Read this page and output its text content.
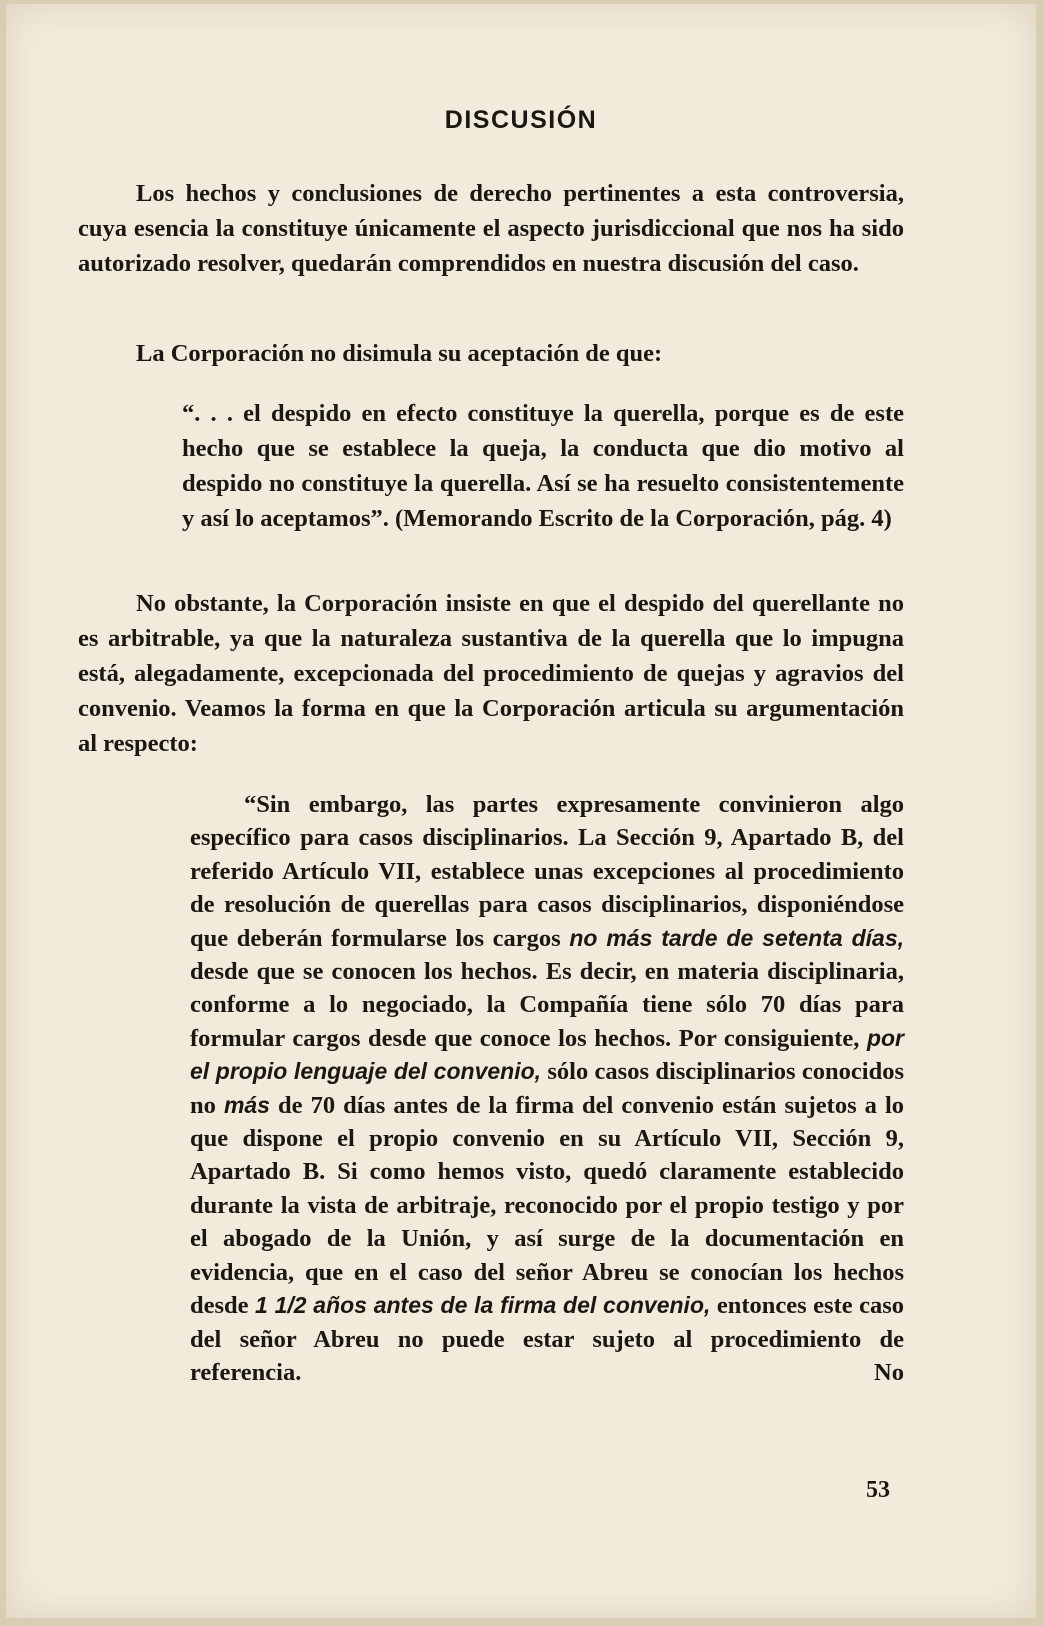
DISCUSIÓN

Los hechos y conclusiones de derecho pertinentes a esta controversia, cuya esencia la constituye únicamente el aspecto jurisdiccional que nos ha sido autorizado resolver, quedarán comprendidos en nuestra discusión del caso.

La Corporación no disimula su aceptación de que:

“. . . el despido en efecto constituye la querella, porque es de este hecho que se establece la queja, la conducta que dio motivo al despido no constituye la querella. Así se ha resuelto consistentemente y así lo aceptamos”. (Memorando Escrito de la Corporación, pág. 4)

No obstante, la Corporación insiste en que el despido del querellante no es arbitrable, ya que la naturaleza sustantiva de la querella que lo impugna está, alegadamente, excepcionada del procedimiento de quejas y agravios del convenio. Veamos la forma en que la Corporación articula su argumentación al respecto:

“Sin embargo, las partes expresamente convinieron algo específico para casos disciplinarios. La Sección 9, Apartado B, del referido Artículo VII, establece unas excepciones al procedimiento de resolución de querellas para casos disciplinarios, disponiéndose que deberán formularse los cargos no más tarde de setenta días, desde que se conocen los hechos. Es decir, en materia disciplinaria, conforme a lo negociado, la Compañía tiene sólo 70 días para formular cargos desde que conoce los hechos. Por consiguiente, por el propio lenguaje del convenio, sólo casos disciplinarios conocidos no más de 70 días antes de la firma del convenio están sujetos a lo que dispone el propio convenio en su Artículo VII, Sección 9, Apartado B. Si como hemos visto, quedó claramente establecido durante la vista de arbitraje, reconocido por el propio testigo y por el abogado de la Unión, y así surge de la documentación en evidencia, que en el caso del señor Abreu se conocían los hechos desde 1 1/2 años antes de la firma del convenio, entonces este caso del señor Abreu no puede estar sujeto al procedimiento de referencia. No

53
